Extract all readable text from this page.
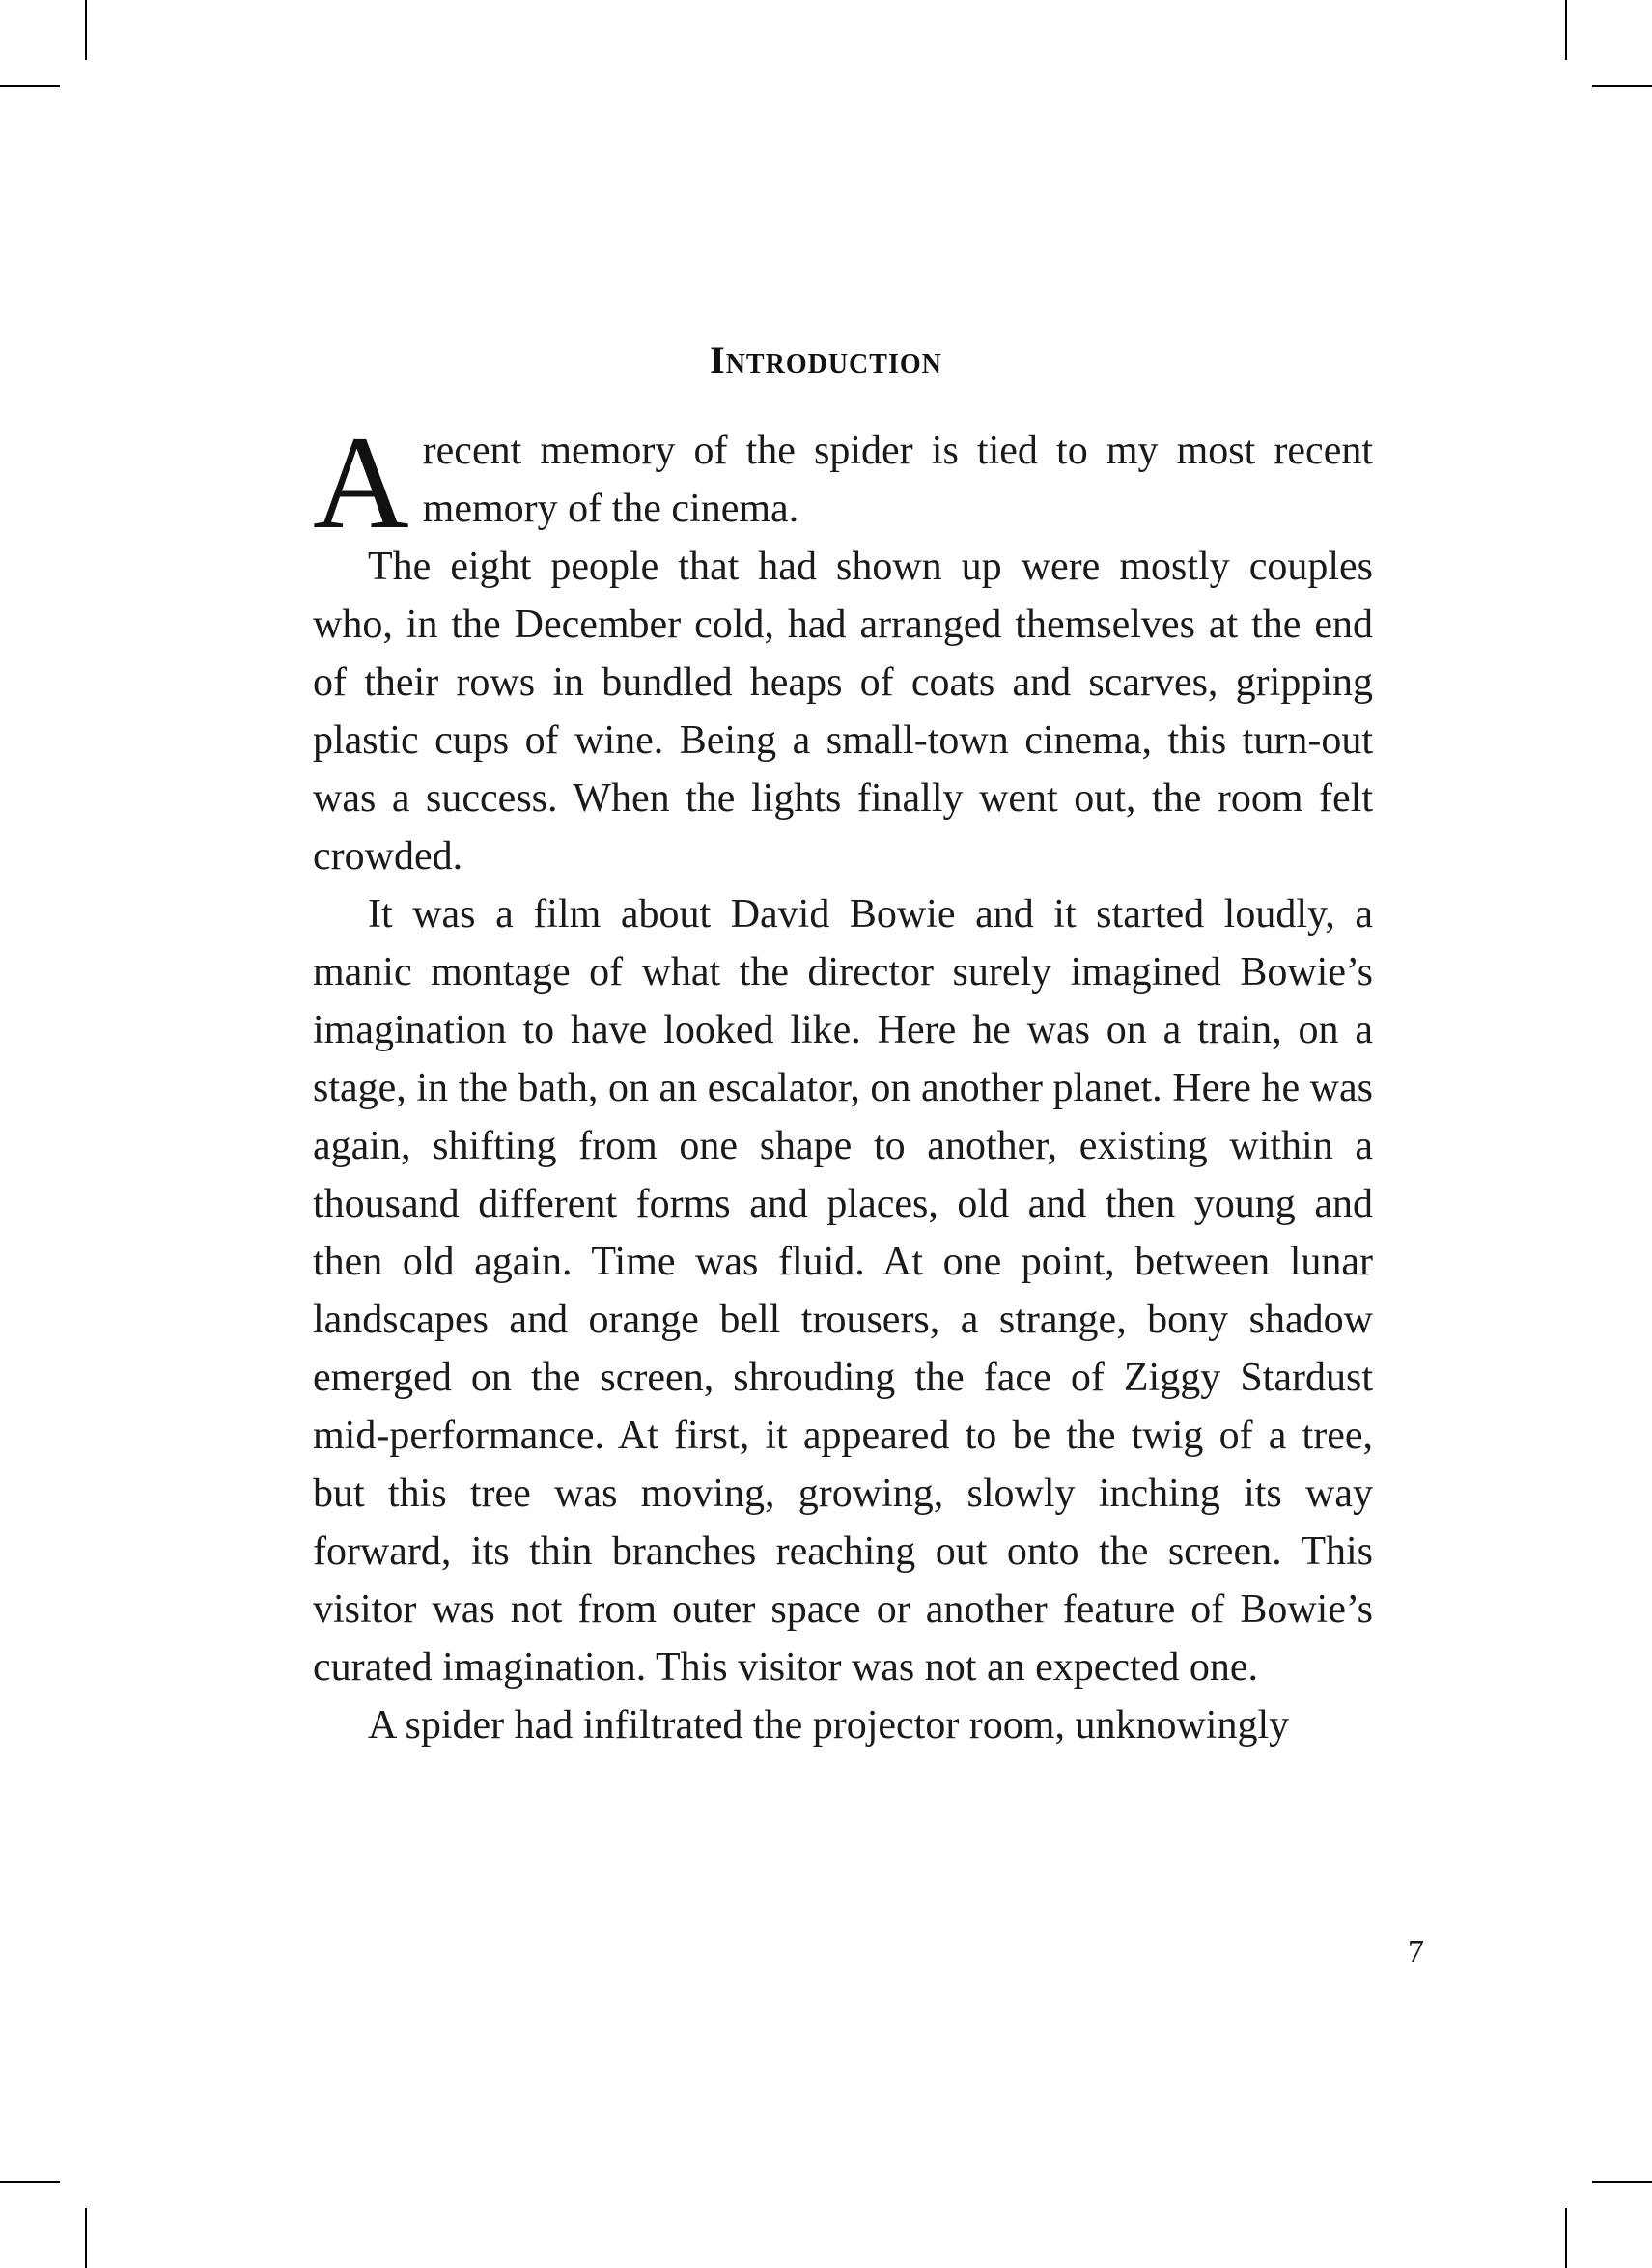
Introduction

A recent memory of the spider is tied to my most recent memory of the cinema.

The eight people that had shown up were mostly couples who, in the December cold, had arranged themselves at the end of their rows in bundled heaps of coats and scarves, gripping plastic cups of wine. Being a small-town cinema, this turn-out was a success. When the lights finally went out, the room felt crowded.

It was a film about David Bowie and it started loudly, a manic montage of what the director surely imagined Bowie’s imagination to have looked like. Here he was on a train, on a stage, in the bath, on an escalator, on another planet. Here he was again, shifting from one shape to another, existing within a thousand different forms and places, old and then young and then old again. Time was fluid. At one point, between lunar landscapes and orange bell trousers, a strange, bony shadow emerged on the screen, shrouding the face of Ziggy Stardust mid-performance. At first, it appeared to be the twig of a tree, but this tree was moving, growing, slowly inching its way forward, its thin branches reaching out onto the screen. This visitor was not from outer space or another feature of Bowie’s curated imagination. This visitor was not an expected one.

A spider had infiltrated the projector room, unknowingly

7
